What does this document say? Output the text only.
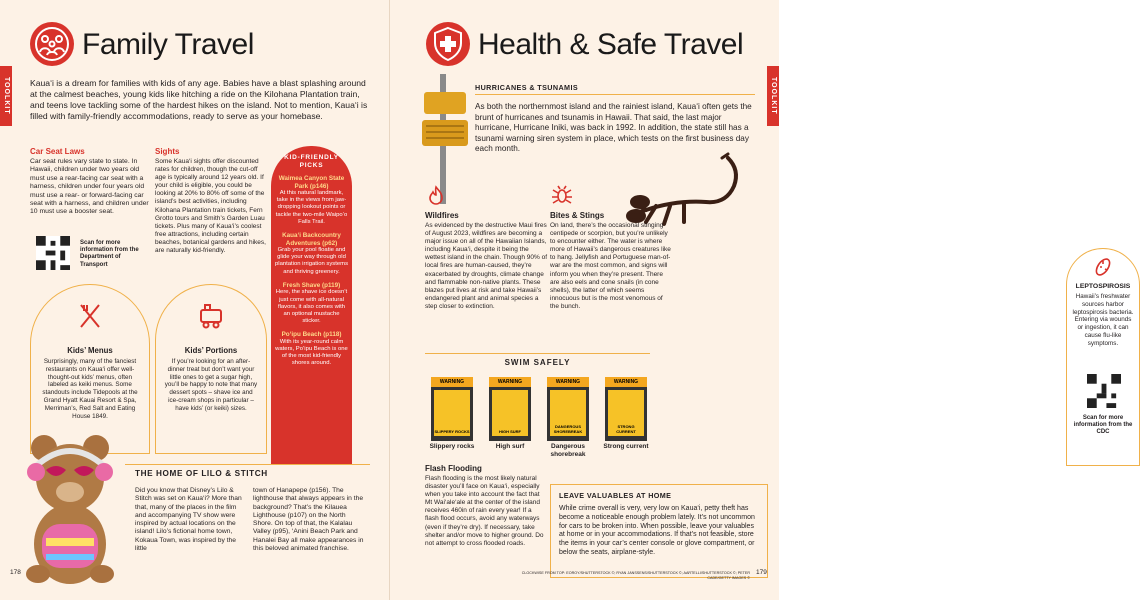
TOOLKIT
Family Travel

Kaua‘i is a dream for families with kids of any age. Babies have a blast splashing around at the calmest beaches, young kids like hitching a ride on the Kilohana Plantation train, and teens love tackling some of the hardest hikes on the island. Not to mention, Kaua‘i is filled with family-friendly accommodations, ready to serve as your homebase.

Car Seat Laws

Car seat rules vary state to state. In Hawaii, children under two years old must use a rear-facing car seat with a harness, children under four years old must use a rear- or forward-facing car seat with a harness, and children under 10 must use a booster seat.

Scan for more information from the Department of Transport

Sights

Some Kaua‘i sights offer discounted rates for children, though the cut-off age is typically around 12 years old. If your child is eligible, you could be looking at 20% to 80% off some of the island’s best activities, including Kilohana Plantation train tickets, Fern Grotto tours and Smith’s Garden Luau tickets. Plus many of Kaua‘i’s coolest free attractions, including certain beaches, botanical gardens and hikes, are naturally kid-friendly.

Kids’ Menus

Surprisingly, many of the fanciest restaurants on Kaua‘i offer well-thought-out kids’ menus, often labeled as keiki menus. Some standouts include Tidepools at the Grand Hyatt Kauai Resort & Spa, Merriman’s, Red Salt and Eating House 1849.

Kids’ Portions

If you’re looking for an after-dinner treat but don’t want your little ones to get a sugar high, you’ll be happy to note that many dessert spots – shave ice and ice-cream shops in particular – have kids’ (or keiki) sizes.

KID-FRIENDLY PICKS
Waimea Canyon State Park (p146)
At this natural landmark, take in the views from jaw-dropping lookout points or tackle the two-mile Waipo‘o Falls Trail.
Kaua‘i Backcountry Adventures (p62)
Grab your pool floatie and glide your way through old plantation irrigation systems and thriving greenery.
Fresh Shave (p119)
Here, the shave ice doesn’t just come with all-natural flavors, it also comes with an optional mustache sticker.
Po‘ipu Beach (p118)
With its year-round calm waters, Po‘ipu Beach is one of the most kid-friendly shores around.
THE HOME OF LILO & STITCH

Did you know that Disney’s Lilo & Stitch was set on Kaua‘i? More than that, many of the places in the film and accompanying TV show were inspired by actual locations on the island! Lilo’s fictional home town, Kokaua Town, was inspired by the little

town of Hanapepe (p156). The lighthouse that always appears in the background? That’s the Kilauea Lighthouse (p107) on the North Shore. On top of that, the Kalalau Valley (p95), ‘Anini Beach Park and Hanalei Bay all make appearances in this beloved animated franchise.

178
TOOLKIT
Health & Safe Travel
HURRICANES & TSUNAMIS

As both the northernmost island and the rainiest island, Kaua‘i often gets the brunt of hurricanes and tsunamis in Hawaii. That said, the last major hurricane, Hurricane Iniki, was back in 1992. In addition, the state still has a tsunami warning siren system in place, which tests on the first business day each month.

Wildfires

As evidenced by the destructive Maui fires of August 2023, wildfires are becoming a major issue on all of the Hawaiian Islands, including Kaua‘i, despite it being the wettest island in the chain. Though 90% of local fires are human-caused, they’re exacerbated by droughts, climate change and flammable non-native plants. These blazes put lives at risk and take Hawaii’s endangered plant and animal species a step closer to extinction.

Bites & Stings

On land, there’s the occasional stinging centipede or scorpion, but you’re unlikely to encounter either. The water is where more of Hawaii’s dangerous creatures like to hang. Jellyfish and Portuguese man-of-war are the most common, and signs will inform you when they’re present. There are also eels and cone snails (in cone shells), the latter of which seems innocuous but is the most venomous of the bunch.

LEPTOSPIROSIS

Hawaii’s freshwater sources harbor leptospirosis bacteria. Entering via wounds or ingestion, it can cause flu-like symptoms.

Scan for more information from the CDC

SWIM SAFELY
WARNING
SLIPPERY ROCKS
WARNING
HIGH SURF
WARNING
DANGEROUS SHOREBREAK
WARNING
STRONG CURRENT
Slippery rocks	High surf	Dangerous shorebreak
Strong current
Flash Flooding

Flash flooding is the most likely natural disaster you’ll face on Kaua‘i, especially when you take into account the fact that Mt Wai‘ale‘ale at the center of the island receives 460in of rain every year! If a flash flood occurs, avoid any waterways (even if they’re dry). If necessary, take shelter and/or move to higher ground. Do not attempt to cross flooded roads.

LEAVE VALUABLES AT HOME

While crime overall is very, very low on Kaua‘i, petty theft has become a noticeable enough problem lately. It’s not uncommon for cars to be broken into. When possible, leave your valuables at home or in your accommodations. If that’s not feasible, store the items in your car’s center console or glove compartment, or below the seats, airplane-style.

CLOCKWISE FROM TOP: EOROY/SHUTTERSTOCK ©; RYAN JANSSENS/SHUTTERSTOCK ©; AARTELLI/SHUTTERSTOCK ©; PETER CADE/GETTY IMAGES ©

179
